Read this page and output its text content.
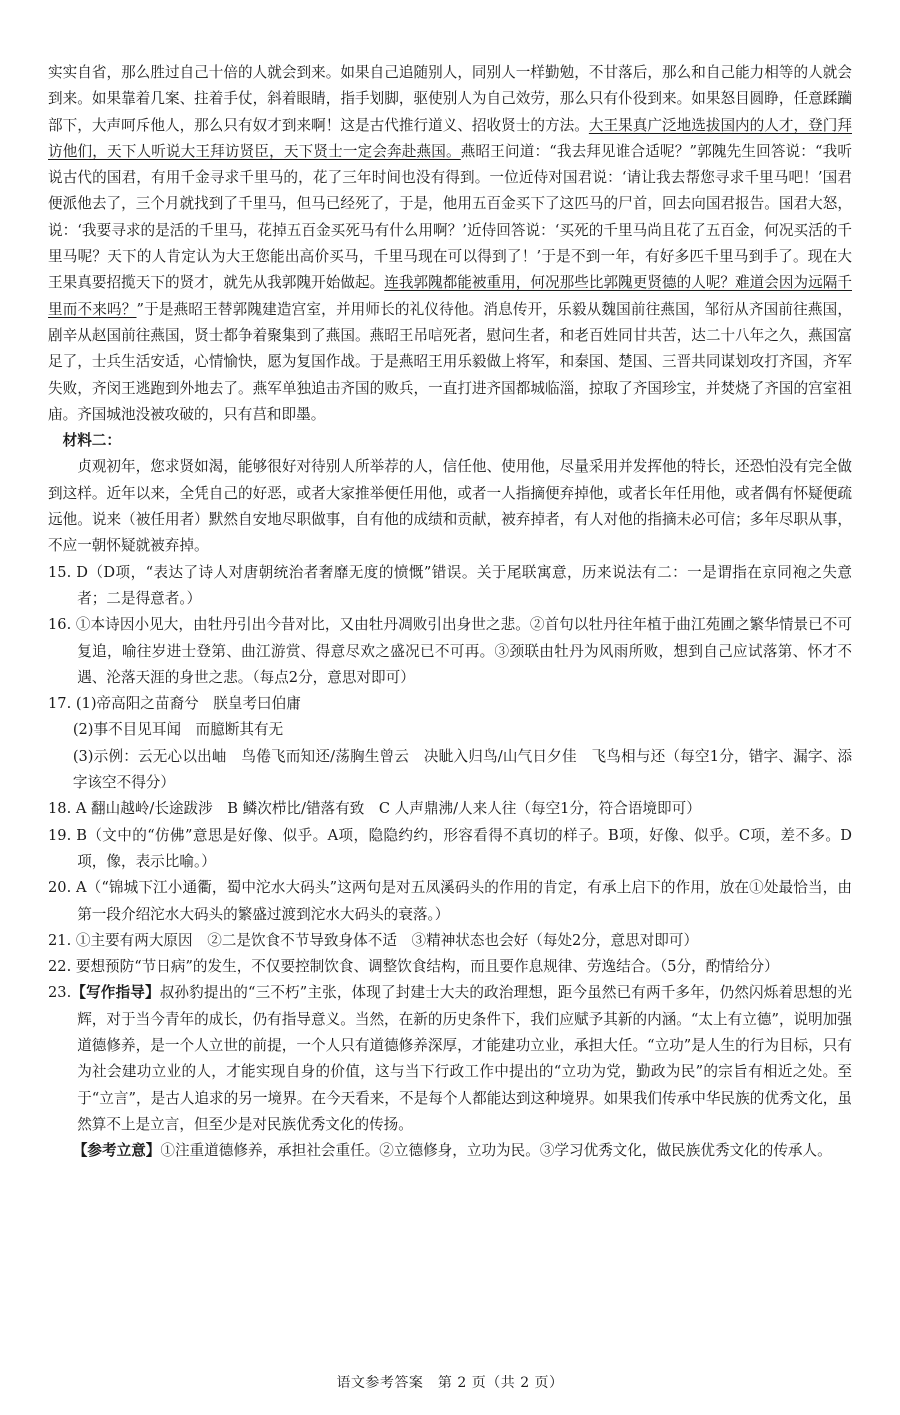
实实自省，那么胜过自己十倍的人就会到来。如果自己追随别人，同别人一样勤勉，不甘落后，那么和自己能力相等的人就会到来。如果靠着几案、拄着手仗，斜着眼睛，指手划脚，驱使别人为自己效劳，那么只有仆役到来。如果怒目圆睁，任意蹂躏部下，大声呵斥他人，那么只有奴才到来啊！这是古代推行道义、招收贤士的方法。大王果真广泛地选拔国内的人才，登门拜访他们，天下人听说大王拜访贤臣，天下贤士一定会奔赴燕国。燕昭王问道：“我去拜见谁合适呢？”郭隗先生回答说：“我听说古代的国君，有用千金寻求千里马的，花了三年时间也没有得到。一位近侍对国君说：‘请让我去帮您寻求千里马吧！’国君便派他去了，三个月就找到了千里马，但马已经死了，于是，他用五百金买下了这匹马的尸首，回去向国君报告。国君大怒，说：‘我要寻求的是活的千里马，花掉五百金买死马有什么用啊？’近侍回答说：‘买死的千里马尚且花了五百金，何况买活的千里马呢？天下的人肯定认为大王您能出高价买马，千里马现在可以得到了！’于是不到一年，有好多匹千里马到手了。现在大王果真要招揽天下的贤才，就先从我郭隗开始做起。连我郭隗都能被重用，何况那些比郭隗更贤德的人呢？难道会因为远隔千里而不来吗？”于是燕昭王替郭隗建造宫室，并用师长的礼仪待他。消息传开，乐毅从魏国前往燕国，邹衍从齐国前往燕国，剧辛从赵国前往燕国，贤士都争着聚集到了燕国。燕昭王吊唁死者，慰问生者，和老百姓同甘共苦，达二十八年之久，燕国富足了，士兵生活安适，心情愉快，愿为复国作战。于是燕昭王用乐毅做上将军，和秦国、楚国、三晋共同谋划攻打齐国，齐军失败，齐闵王逃跑到外地去了。燕军单独追击齐国的败兵，一直打进齐国都城临淄，掠取了齐国珍宝，并焚烧了齐国的宫室祖庙。齐国城池没被攻破的，只有莒和即墨。

材料二：

贞观初年，您求贤如渴，能够很好对待别人所举荐的人，信任他、使用他，尽量采用并发挥他的特长，还恐怕没有完全做到这样。近年以来，全凭自己的好恶，或者大家推举便任用他，或者一人指摘便弃掉他，或者长年任用他，或者偶有怀疑便疏远他。说来（被任用者）默然自安地尽职做事，自有他的成绩和贡献，被弃掉者，有人对他的指摘未必可信；多年尽职从事，不应一朝怀疑就被弃掉。

15. D（D项，“表达了诗人对唐朝统治者奢靡无度的愤慨”错误。关于尾联寓意，历来说法有二：一是谓指在京同袍之失意者；二是得意者。）

16. ①本诗因小见大，由牡丹引出今昔对比，又由牡丹凋败引出身世之悲。②首句以牡丹往年植于曲江苑圃之繁华情景已不可复追，喻往岁进士登第、曲江游赏、得意尽欢之盛况已不可再。③颈联由牡丹为风雨所败，想到自己应试落第、怀才不遇、沦落天涯的身世之悲。（每点2分，意思对即可）

17. (1)帝高阳之苗裔兮　朕皇考曰伯庸

(2)事不目见耳闻　而臆断其有无

(3)示例：云无心以出岫　鸟倦飞而知还/荡胸生曾云　决眦入归鸟/山气日夕佳　飞鸟相与还（每空1分，错字、漏字、添字该空不得分）

18. A 翻山越岭/长途跋涉　B 鳞次栉比/错落有致　C 人声鼎沸/人来人往（每空1分，符合语境即可）

19. B（文中的“仿佛”意思是好像、似乎。A项，隐隐约约，形容看得不真切的样子。B项，好像、似乎。C项，差不多。D项，像，表示比喻。）

20. A（“锦城下江小通衢，蜀中沱水大码头”这两句是对五凤溪码头的作用的肯定，有承上启下的作用，放在①处最恰当，由第一段介绍沱水大码头的繁盛过渡到沱水大码头的衰落。）

21. ①主要有两大原因　②二是饮食不节导致身体不适　③精神状态也会好（每处2分，意思对即可）

22. 要想预防“节日病”的发生，不仅要控制饮食、调整饮食结构，而且要作息规律、劳逸结合。（5分，酌情给分）

23.【写作指导】叔孙豹提出的“三不朽”主张，体现了封建士大夫的政治理想，距今虽然已有两千多年，仍然闪烁着思想的光辉，对于当今青年的成长，仍有指导意义。当然，在新的历史条件下，我们应赋予其新的内涵。“太上有立德”，说明加强道德修养，是一个人立世的前提，一个人只有道德修养深厚，才能建功立业，承担大任。“立功”是人生的行为目标，只有为社会建功立业的人，才能实现自身的价值，这与当下行政工作中提出的“立功为党，勤政为民”的宗旨有相近之处。至于“立言”，是古人追求的另一境界。在今天看来，不是每个人都能达到这种境界。如果我们传承中华民族的优秀文化，虽然算不上是立言，但至少是对民族优秀文化的传扬。

【参考立意】①注重道德修养，承担社会重任。②立德修身，立功为民。③学习优秀文化，做民族优秀文化的传承人。

语文参考答案　第 2 页（共 2 页）
